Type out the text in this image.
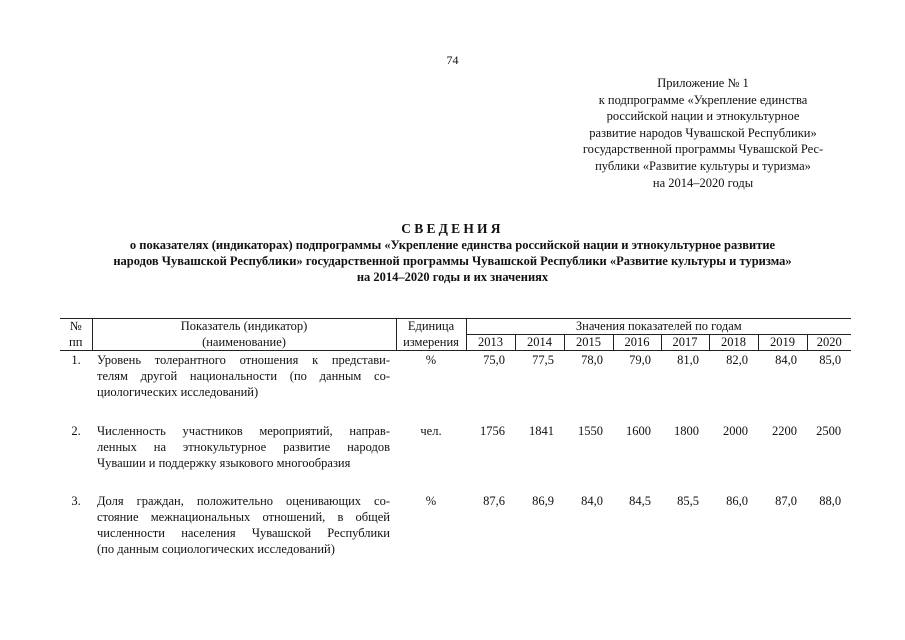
74
Приложение № 1
к подпрограмме «Укрепление единства
российской нации и этнокультурное
развитие народов Чувашской Республики»
государственной программы Чувашской Рес-
публики «Развитие культуры и туризма»
на 2014–2020 годы
СВЕДЕНИЯ
о показателях (индикаторах) подпрограммы «Укрепление единства российской нации и этнокультурное развитие
народов Чувашской Республики» государственной программы Чувашской Республики «Развитие культуры и туризма»
на 2014–2020 годы и их значениях
№	Показатель (индикатор)	Единица	Значения показателей по годам							
пп	(наименование)	измерения	2013	2014	2015	2016	2017	2018	2019	2020
1.	Уровень толерантного отношения к представи-
телям другой национальности (по данным со-
циологических исследований)	%	75,0	77,5	78,0	79,0	81,0	82,0	84,0	85,0
2.	Численность участников мероприятий, направ-
ленных на этнокультурное развитие народов
Чувашии и поддержку языкового многообразия	чел.	1756	1841	1550	1600	1800	2000	2200	2500
3.	Доля граждан, положительно оценивающих со-
стояние межнациональных отношений, в общей
численности населения Чувашской Республики
(по данным социологических исследований)	%	87,6	86,9	84,0	84,5	85,5	86,0	87,0	88,0
